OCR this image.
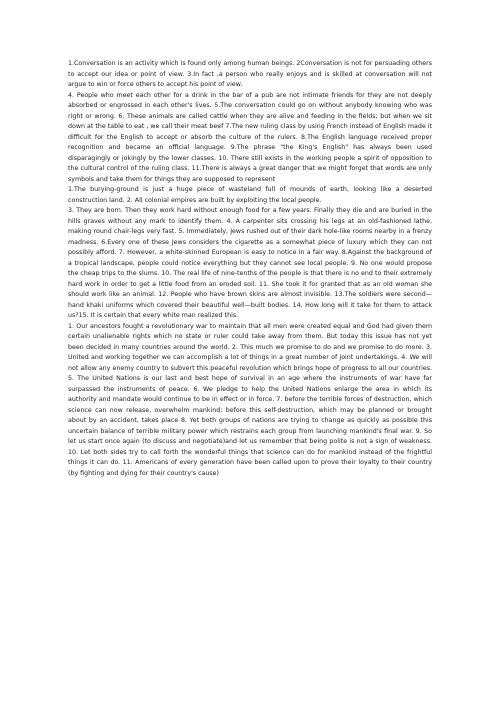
1.Conversation is an activity which is found only among human beings. 2Conversation is not for persuading others to accept our idea or point of view. 3.In fact ,a person who really enjoys and is skilled at conversation will not argue to win or force others to accept his point of view.

4. People who meet each other for a drink in the bar of a pub are not intimate friends for they are not deeply absorbed or engrossed in each other's lives. 5.The conversation could go on without anybody knowing who was right or wrong. 6. These animals are called cattle when they are alive and feeding in the fields; but when we sit down at the table to eat , we call their meat beef 7.The new ruling class by using French instead of English made it difficult for the English to accept or absorb the culture of the rulers. 8.The English language received proper recognition and became an official language. 9.The phrase "the King's English" has always been used disparagingly or jokingly by the lower classes. 10. There still exists in the working people a spirit of opposition to the cultural control of the ruling class. 11.There is always a great danger that we might forget that words are only symbols and take them for things they are supposed to represent

1.The burying-ground is just a huge piece of wasteland full of mounds of earth, looking like a deserted construction land. 2. All colonial empires are built by exploiting the local people.

3. They are born. Then they work hard without enough food for a few years. Finally they die and are buried in the hills graves without any mark to identify them. 4. A carpenter sits crossing his legs at an old-fashioned lathe, making round chair-legs very fast. 5. Immediately, Jews rushed out of their dark hole-like rooms nearby in a frenzy madness. 6.Every one of these Jews considers the cigarette as a somewhat piece of luxury which they can not possibly afford. 7. However, a white-skinned European is easy to notice in a fair way. 8.Against the background of a tropical landscape, people could notice everything but they cannot see local people. 9. No one would propose the cheap trips to the slums. 10. The real life of nine-tenths of the people is that there is no end to their extremely hard work in order to get a little food from an eroded soil. 11. She took it for granted that as an old woman she should work like an animal. 12. People who have brown skins are almost invisible. 13.The soldiers were second—hand khaki uniforms which covered their beautiful well—built bodies. 14. How long will it take for them to attack us?15. It is certain that every white man realized this.

1. Our ancestors fought a revolutionary war to maintain that all men were created equal and God had given them certain unalienable rights which no state or ruler could take away from them. But today this issue has not yet been decided in many countries around the world. 2. This much we promise to do and we promise to do more. 3. United and working together we can accomplish a lot of things in a great number of joint undertakings. 4. We will not allow any enemy country to subvert this peaceful revolution which brings hope of progress to all our countries. 5. The United Nations is our last and best hope of survival in an age where the instruments of war have far surpassed the instruments of peace. 6. We pledge to help the United Nations enlarge the area in which its authority and mandate would continue to be in effect or in force. 7. before the terrible forces of destruction, which science can now release, overwhelm mankind; before this self-destruction, which may be planned or brought about by an accident, takes place 8. Yet both groups of nations are trying to change as quickly as possible this uncertain balance of terrible military power which restrains each group from launching mankind's final war. 9. So let us start once again (to discuss and negotiate)and let us remember that being polite is not a sign of weakness. 10. Let both sides try to call forth the wonderful things that science can do for mankind instead of the frightful things it can do. 11. Americans of every generation have been called upon to prove their loyalty to their country (by fighting and dying for their country's cause)
